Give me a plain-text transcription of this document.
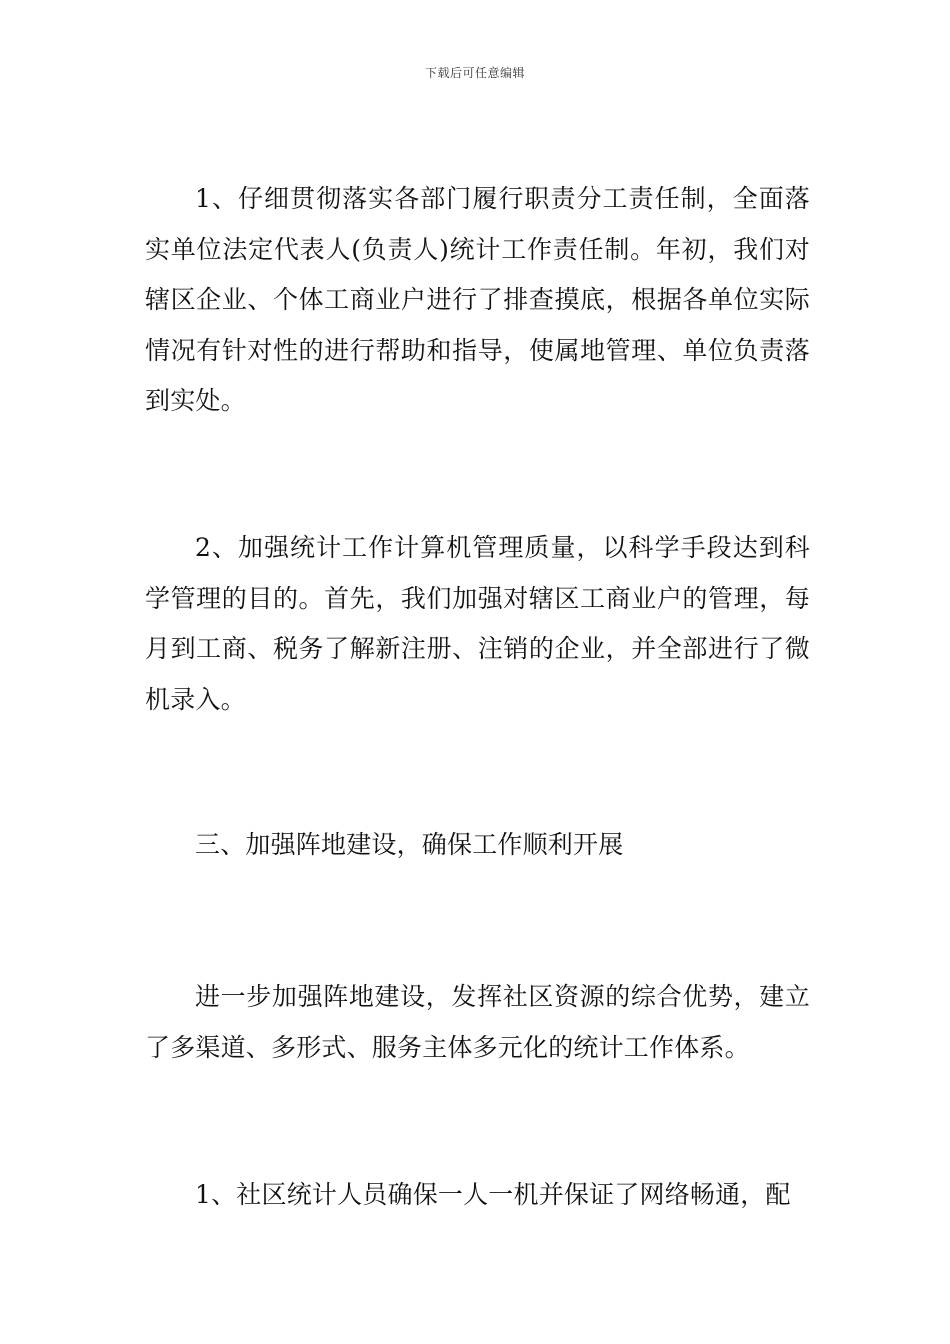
下载后可任意编辑

1、仔细贯彻落实各部门履行职责分工责任制，全面落实单位法定代表人(负责人)统计工作责任制。年初，我们对辖区企业、个体工商业户进行了排查摸底，根据各单位实际情况有针对性的进行帮助和指导，使属地管理、单位负责落到实处。

2、加强统计工作计算机管理质量，以科学手段达到科学管理的目的。首先，我们加强对辖区工商业户的管理，每月到工商、税务了解新注册、注销的企业，并全部进行了微机录入。

三、加强阵地建设，确保工作顺利开展

进一步加强阵地建设，发挥社区资源的综合优势，建立了多渠道、多形式、服务主体多元化的统计工作体系。

1、社区统计人员确保一人一机并保证了网络畅通，配
